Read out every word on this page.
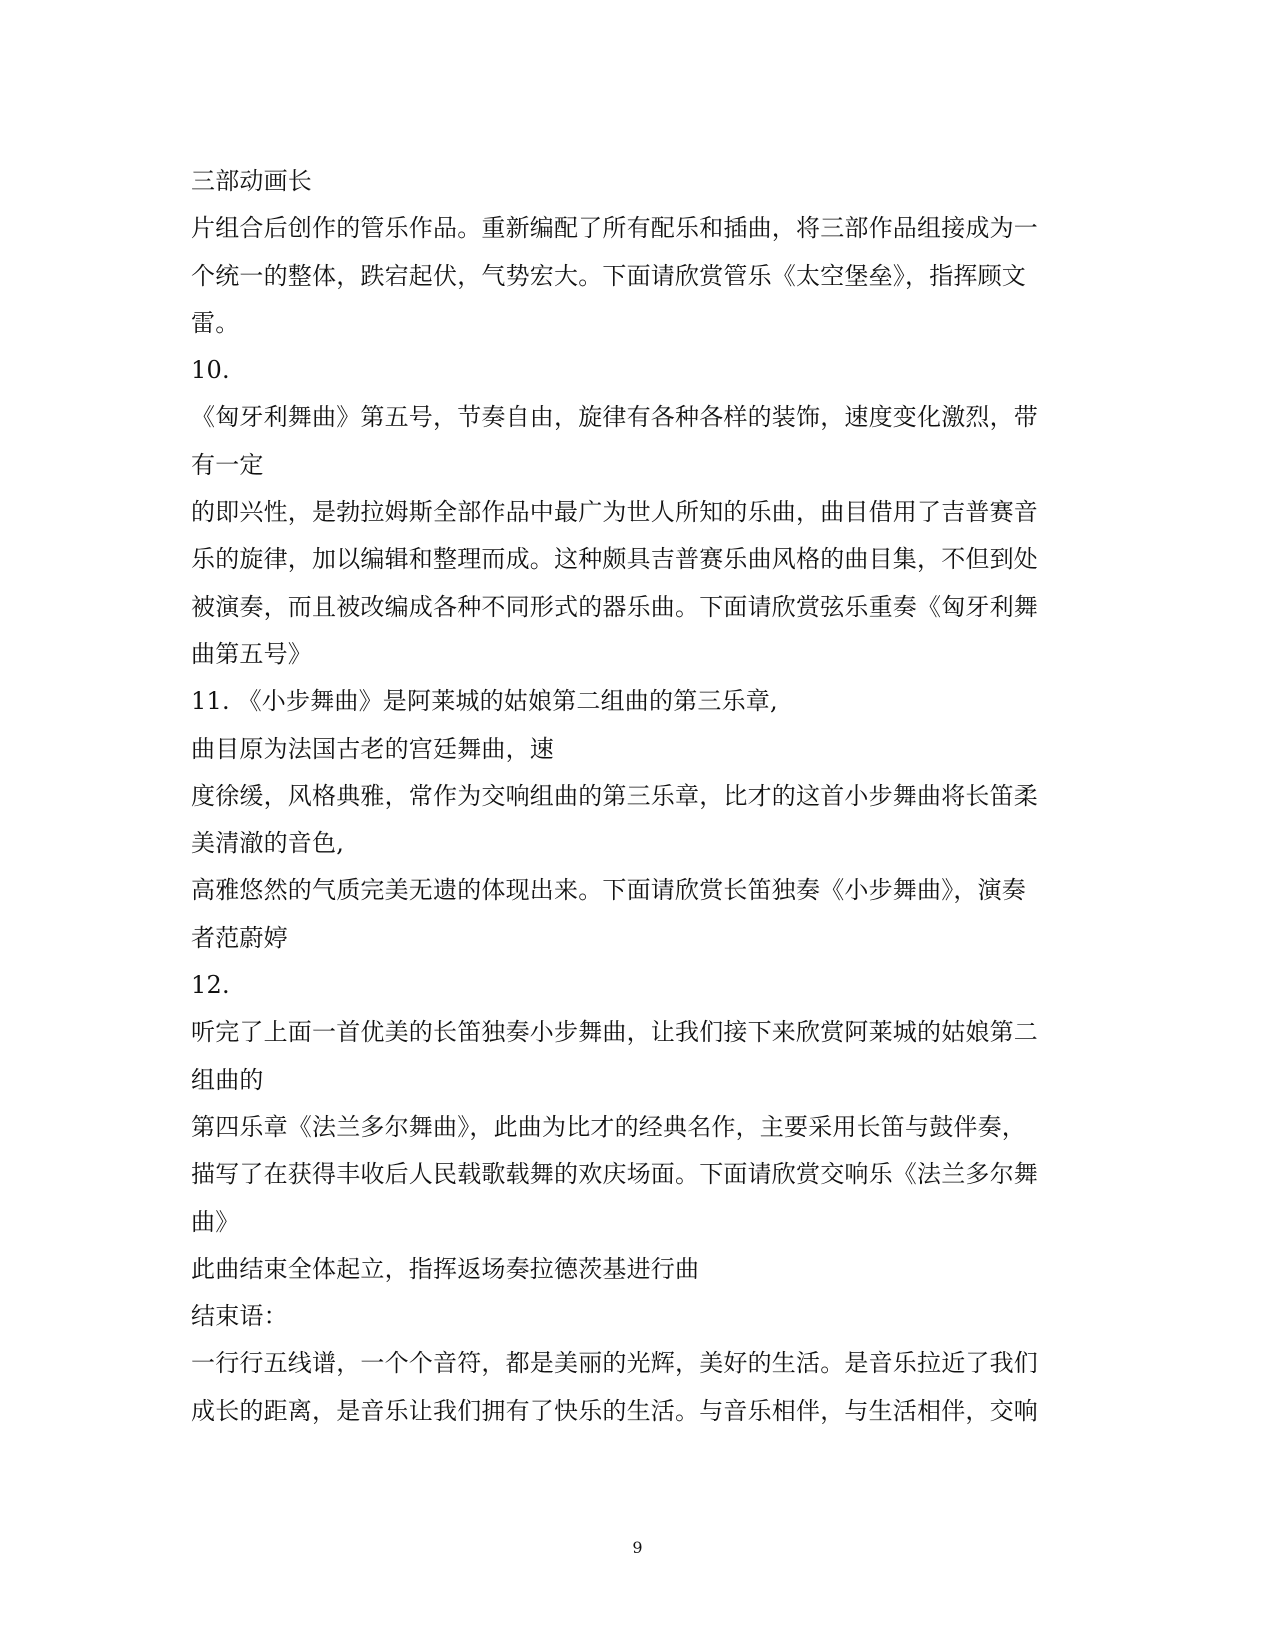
三部动画长
片组合后创作的管乐作品。重新编配了所有配乐和插曲，将三部作品组接成为一
个统一的整体，跌宕起伏，气势宏大。下面请欣赏管乐《太空堡垒》，指挥顾文
雷。
10.
《匈牙利舞曲》第五号，节奏自由，旋律有各种各样的装饰，速度变化激烈，带
有一定
的即兴性，是勃拉姆斯全部作品中最广为世人所知的乐曲，曲目借用了吉普赛音
乐的旋律，加以编辑和整理而成。这种颇具吉普赛乐曲风格的曲目集，不但到处
被演奏，而且被改编成各种不同形式的器乐曲。下面请欣赏弦乐重奏《匈牙利舞
曲第五号》
11. 《小步舞曲》是阿莱城的姑娘第二组曲的第三乐章,
曲目原为法国古老的宫廷舞曲，速
度徐缓，风格典雅，常作为交响组曲的第三乐章，比才的这首小步舞曲将长笛柔
美清澈的音色,
高雅悠然的气质完美无遗的体现出来。下面请欣赏长笛独奏《小步舞曲》，演奏
者范蔚婷
12.
听完了上面一首优美的长笛独奏小步舞曲，让我们接下来欣赏阿莱城的姑娘第二
组曲的
第四乐章《法兰多尔舞曲》，此曲为比才的经典名作，主要采用长笛与鼓伴奏，
描写了在获得丰收后人民载歌载舞的欢庆场面。下面请欣赏交响乐《法兰多尔舞
曲》
此曲结束全体起立，指挥返场奏拉德茨基进行曲
结束语：
一行行五线谱，一个个音符，都是美丽的光辉，美好的生活。是音乐拉近了我们
成长的距离，是音乐让我们拥有了快乐的生活。与音乐相伴，与生活相伴，交响
9
